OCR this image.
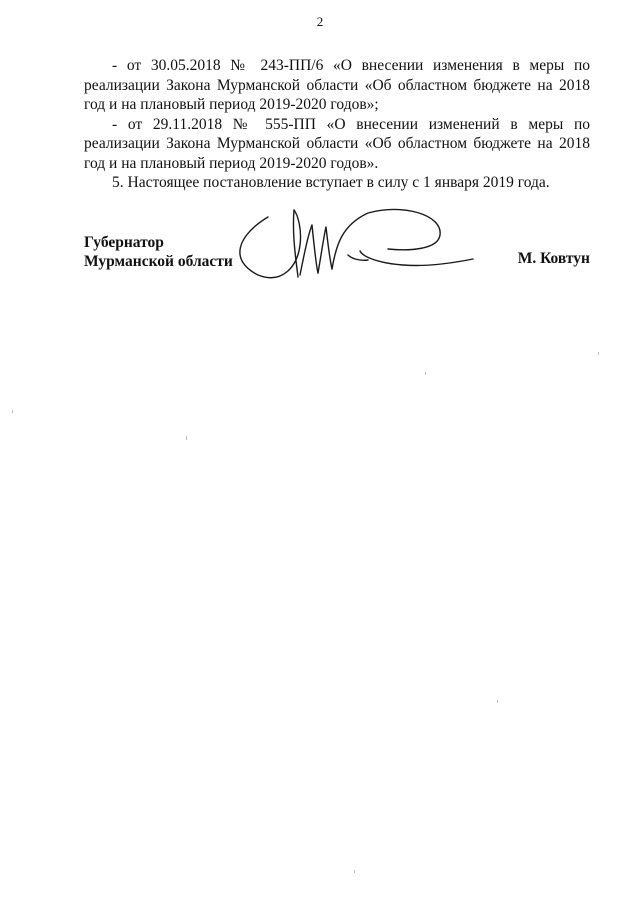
2

- от 30.05.2018 № 243-ПП/6 «О внесении изменения в меры по реализации Закона Мурманской области «Об областном бюджете на 2018 год и на плановый период 2019-2020 годов»;

- от 29.11.2018 № 555-ПП «О внесении изменений в меры по реализации Закона Мурманской области «Об областном бюджете на 2018 год и на плановый период 2019-2020 годов».

5. Настоящее постановление вступает в силу с 1 января 2019 года.

Губернатор
Мурманской области	М. Ковтун
